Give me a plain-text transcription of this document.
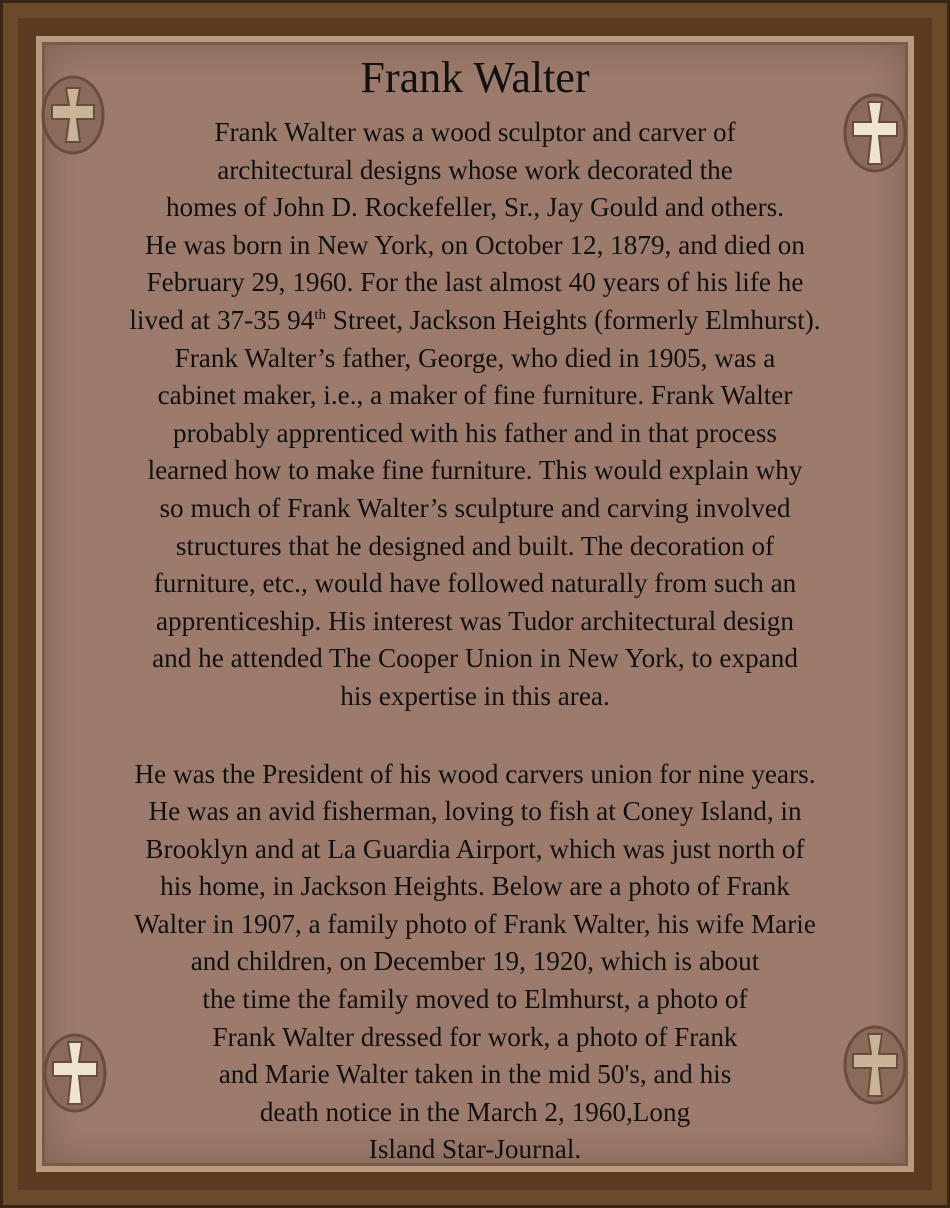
Frank Walter
Frank Walter was a wood sculptor and carver of
architectural designs whose work decorated the
homes of John D. Rockefeller, Sr., Jay Gould and others.
He was born in New York, on October 12, 1879, and died on
February 29, 1960. For the last almost 40 years of his life he
lived at 37-35 94th Street, Jackson Heights (formerly Elmhurst).
Frank Walter’s father, George, who died in 1905, was a
cabinet maker, i.e., a maker of fine furniture. Frank Walter
probably apprenticed with his father and in that process
learned how to make fine furniture. This would explain why
so much of Frank Walter’s sculpture and carving involved
structures that he designed and built. The decoration of
furniture, etc., would have followed naturally from such an
apprenticeship. His interest was Tudor architectural design
and he attended The Cooper Union in New York, to expand
his expertise in this area.
He was the President of his wood carvers union for nine years.
He was an avid fisherman, loving to fish at Coney Island, in
Brooklyn and at La Guardia Airport, which was just north of
his home, in Jackson Heights. Below are a photo of Frank
Walter in 1907, a family photo of Frank Walter, his wife Marie
and children, on December 19, 1920, which is about
the time the family moved to Elmhurst, a photo of
Frank Walter dressed for work, a photo of Frank
and Marie Walter taken in the mid 50's, and his
death notice in the March 2, 1960,Long
Island Star-Journal.
